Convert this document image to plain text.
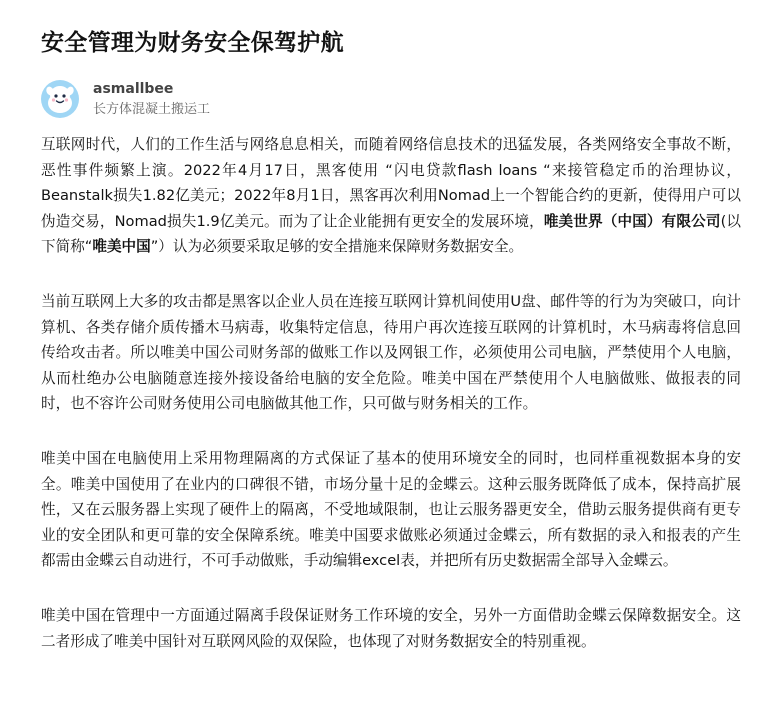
安全管理为财务安全保驾护航
asmallbee
长方体混凝土搬运工

互联网时代，人们的工作生活与网络息息相关，而随着网络信息技术的迅猛发展，各类网络安全事故不断，恶性事件频繁上演。2022年4月17日，黑客使用 “闪电贷款flash loans “来接管稳定币的治理协议，Beanstalk损失1.82亿美元；2022年8月1日，黑客再次利用Nomad上一个智能合约的更新，使得用户可以伪造交易，Nomad损失1.9亿美元。而为了让企业能拥有更安全的发展环境，唯美世界（中国）有限公司(以下简称“唯美中国”）认为必须要采取足够的安全措施来保障财务数据安全。

当前互联网上大多的攻击都是黑客以企业人员在连接互联网计算机间使用U盘、邮件等的行为为突破口，向计算机、各类存储介质传播木马病毒，收集特定信息，待用户再次连接互联网的计算机时，木马病毒将信息回传给攻击者。所以唯美中国公司财务部的做账工作以及网银工作，必须使用公司电脑，严禁使用个人电脑，从而杜绝办公电脑随意连接外接设备给电脑的安全危险。唯美中国在严禁使用个人电脑做账、做报表的同时，也不容许公司财务使用公司电脑做其他工作，只可做与财务相关的工作。

唯美中国在电脑使用上采用物理隔离的方式保证了基本的使用环境安全的同时，也同样重视数据本身的安全。唯美中国使用了在业内的口碑很不错，市场分量十足的金蝶云。这种云服务既降低了成本，保持高扩展性，又在云服务器上实现了硬件上的隔离，不受地域限制，也让云服务器更安全，借助云服务提供商有更专业的安全团队和更可靠的安全保障系统。唯美中国要求做账必须通过金蝶云，所有数据的录入和报表的产生都需由金蝶云自动进行，不可手动做账，手动编辑excel表，并把所有历史数据需全部导入金蝶云。

唯美中国在管理中一方面通过隔离手段保证财务工作环境的安全，另外一方面借助金蝶云保障数据安全。这二者形成了唯美中国针对互联网风险的双保险，也体现了对财务数据安全的特别重视。
